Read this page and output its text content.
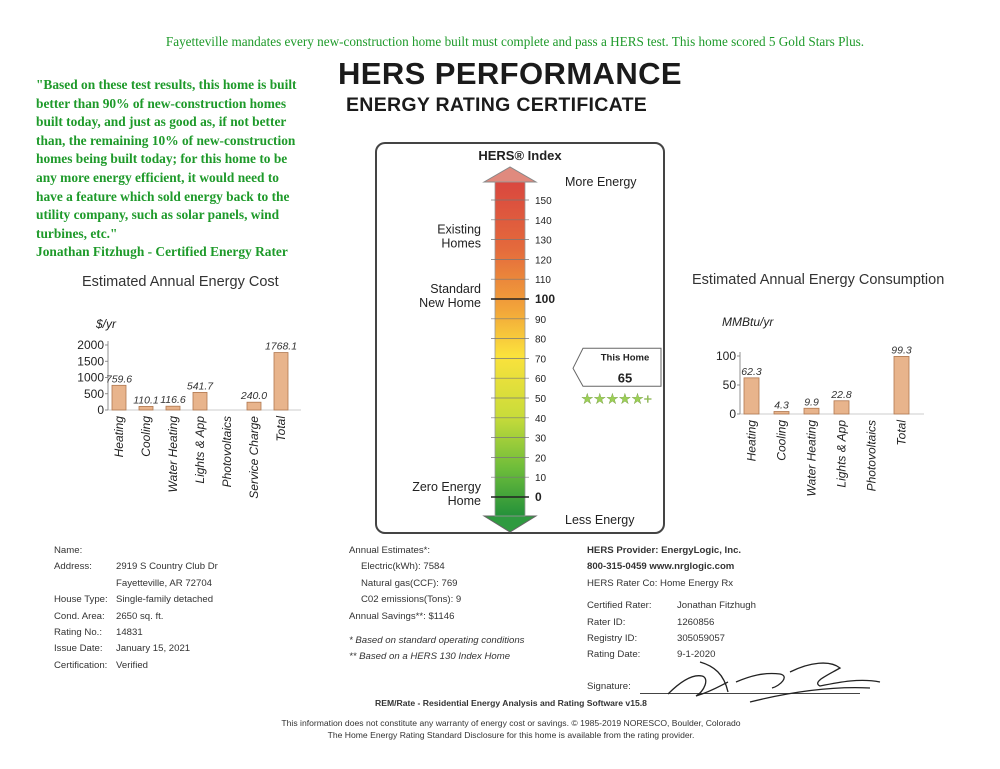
Fayetteville mandates every new-construction home built must complete and pass a HERS test. This home scored 5 Gold Stars Plus.
"Based on these test results, this home is built
better than 90% of new-construction homes
built today, and just as good as, if not better
than, the remaining 10% of new-construction
homes being built today; for this home to be
any more energy efficient, it would need to
have a feature which sold energy back to the
utility company, such as solar panels, wind
turbines, etc."
Jonathan Fitzhugh - Certified Energy Rater
HERS PERFORMANCE
ENERGY RATING CERTIFICATE
HERS® Index
More Energy
Less Energy
150
140
130
120
110
100
90
80
70
60
50
40
30
20
10
0
Existing
Homes
Standard
New Home
Zero Energy
Home
This Home
65
★★★★★+
Estimated Annual Energy Cost
$/yr
2000
1500
1000
500
0
759.6
Heating
110.1
Cooling
116.6
Water Heating
541.7
Lights & App Photovoltaics
240.0
Service Charge
1768.1
Total
Estimated Annual Energy Consumption
MMBtu/yr
100
50
0
62.3
Heating
4.3
Cooling
9.9
Water Heating
22.8
Lights & App Photovoltaics
99.3
Total
Name:
Address:	2919 S Country Club Dr
Fayetteville, AR 72704
House Type: Single-family detached
Cond. Area: 2650 sq. ft.
Rating No.: 14831
Issue Date: January 15, 2021
Certification: Verified
Annual Estimates*:
Electric(kWh): 7584
Natural gas(CCF): 769
C02 emissions(Tons): 9
Annual Savings**: $1146
* Based on standard operating conditions
** Based on a HERS 130 Index Home
HERS Provider: EnergyLogic, Inc.
800-315-0459 www.nrglogic.com
HERS Rater Co: Home Energy Rx
Certified Rater:	Jonathan Fitzhugh
Rater ID:	1260856
Registry ID:	305059057
Rating Date:	9-1-2020
Signature:
REM/Rate - Residential Energy Analysis and Rating Software v15.8
This information does not constitute any warranty of energy cost or savings. © 1985-2019 NORESCO, Boulder, Colorado
The Home Energy Rating Standard Disclosure for this home is available from the rating provider.
